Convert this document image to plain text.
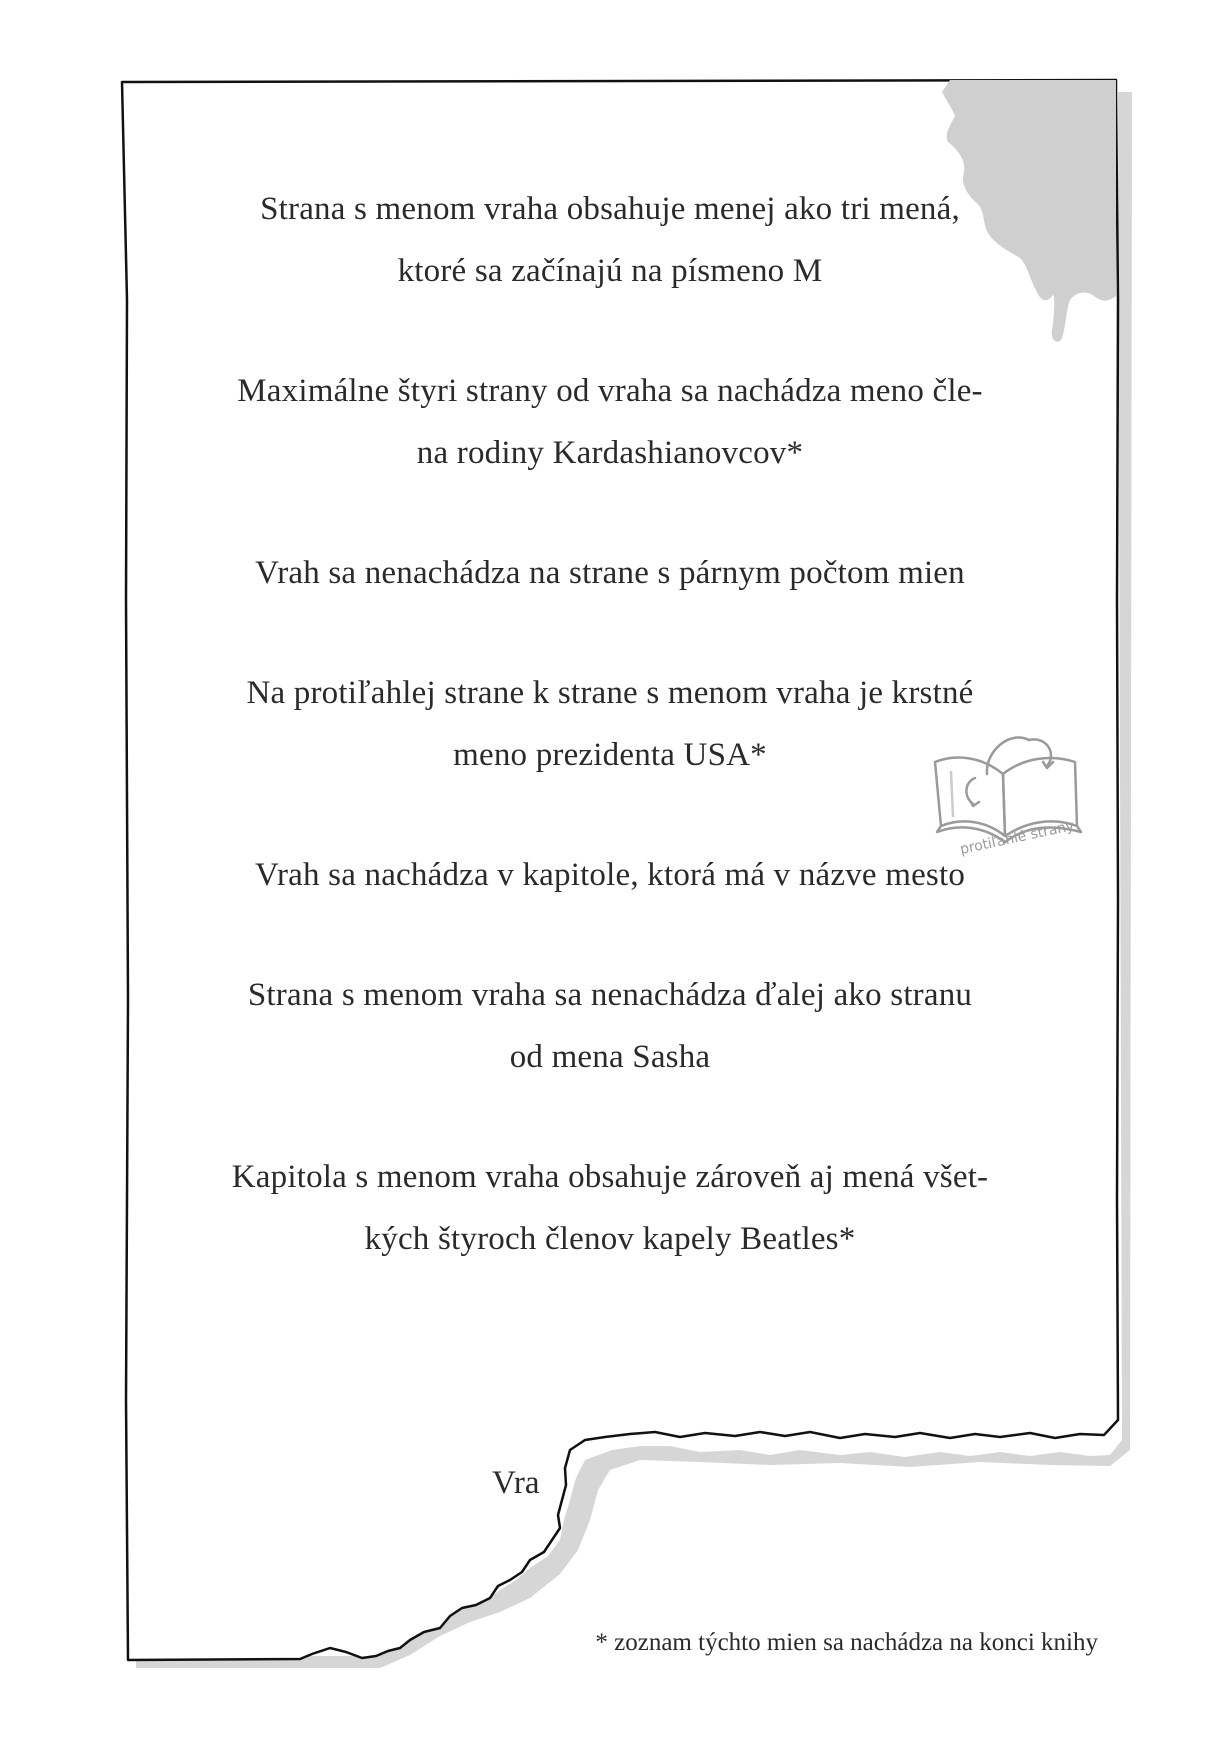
Strana s menom vraha obsahuje menej ako tri mená,
ktoré sa začínajú na písmeno M

Maximálne štyri strany od vraha sa nachádza meno čle-
na rodiny Kardashianovcov*

Vrah sa nenachádza na strane s párnym počtom mien

Na protiľahlej strane k strane s menom vraha je krstné
meno prezidenta USA*

Vrah sa nachádza v kapitole, ktorá má v názve mesto

Strana s menom vraha sa nenachádza ďalej ako stranu
od mena Sasha

Kapitola s menom vraha obsahuje zároveň aj mená všet-
kých štyroch členov kapely Beatles*

protiľahlé strany
Vra
* zoznam týchto mien sa nachádza na konci knihy
